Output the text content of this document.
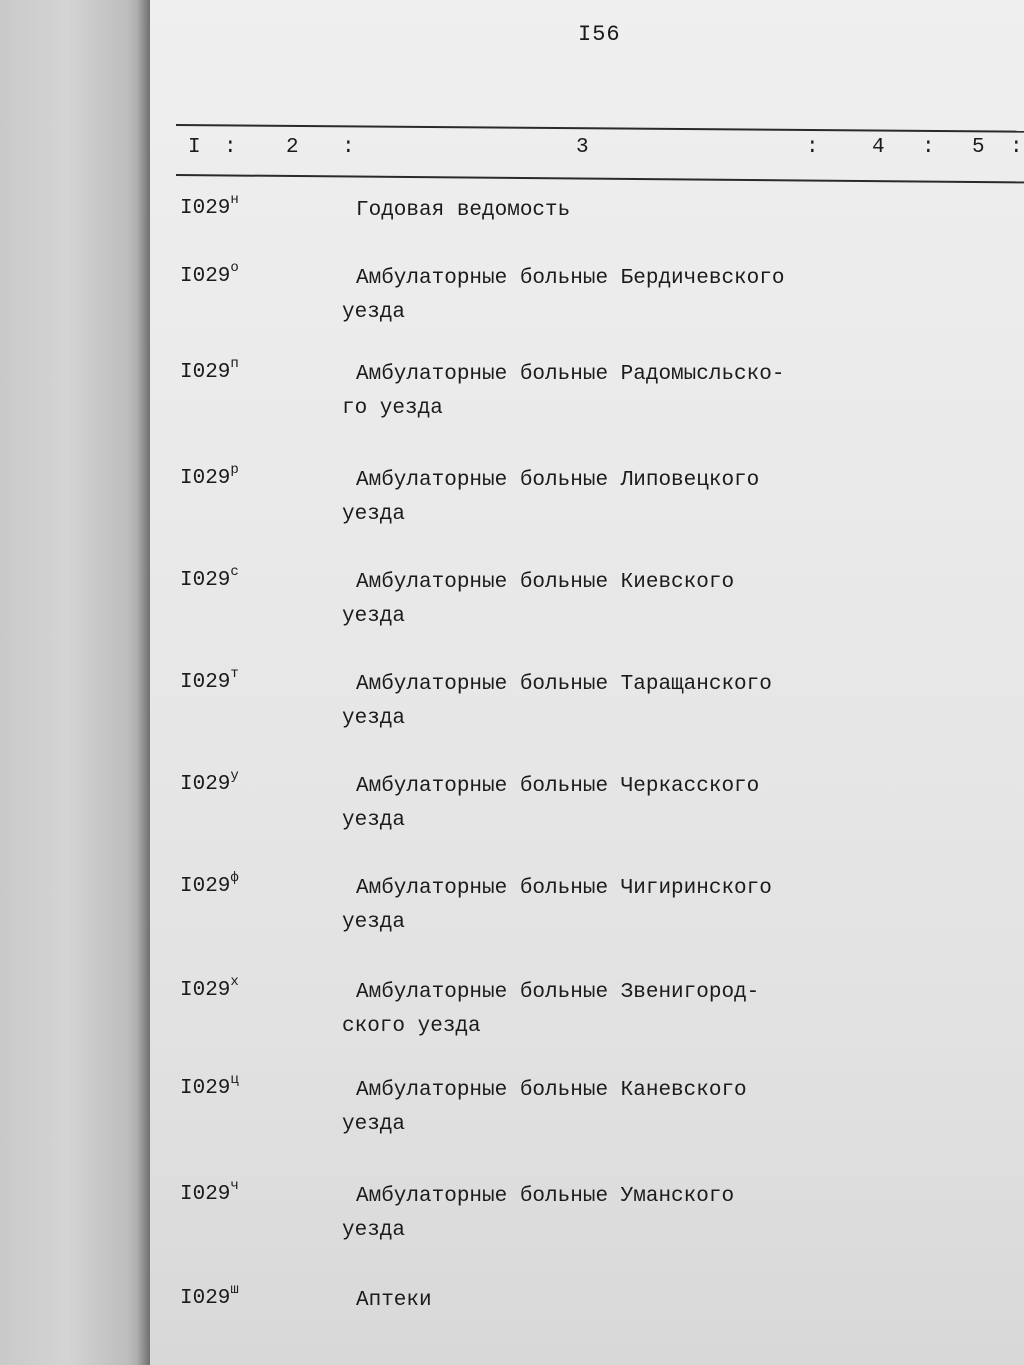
I56
I : 2 :	3	:	4 : 5 :
$I029^н$	Годовая ведомость
$I029^о$	Амбулаторные больные Бердичевского
уезда
$I029^п$	Амбулаторные больные Радомысльско-
го уезда
$I029^р$	Амбулаторные больные Липовецкого
уезда
$I029^с$	Амбулаторные больные Киевского
уезда
$I029^т$	Амбулаторные больные Таращанского
уезда
$I029^у$	Амбулаторные больные Черкасского
уезда
$I029^ф$	Амбулаторные больные Чигиринского
уезда
$I029^х$	Амбулаторные больные Звенигород-
ского уезда
$I029^ц$	Амбулаторные больные Каневского
уезда
$I029^ч$	Амбулаторные больные Уманского
уезда
$I029^ш$	Аптеки
